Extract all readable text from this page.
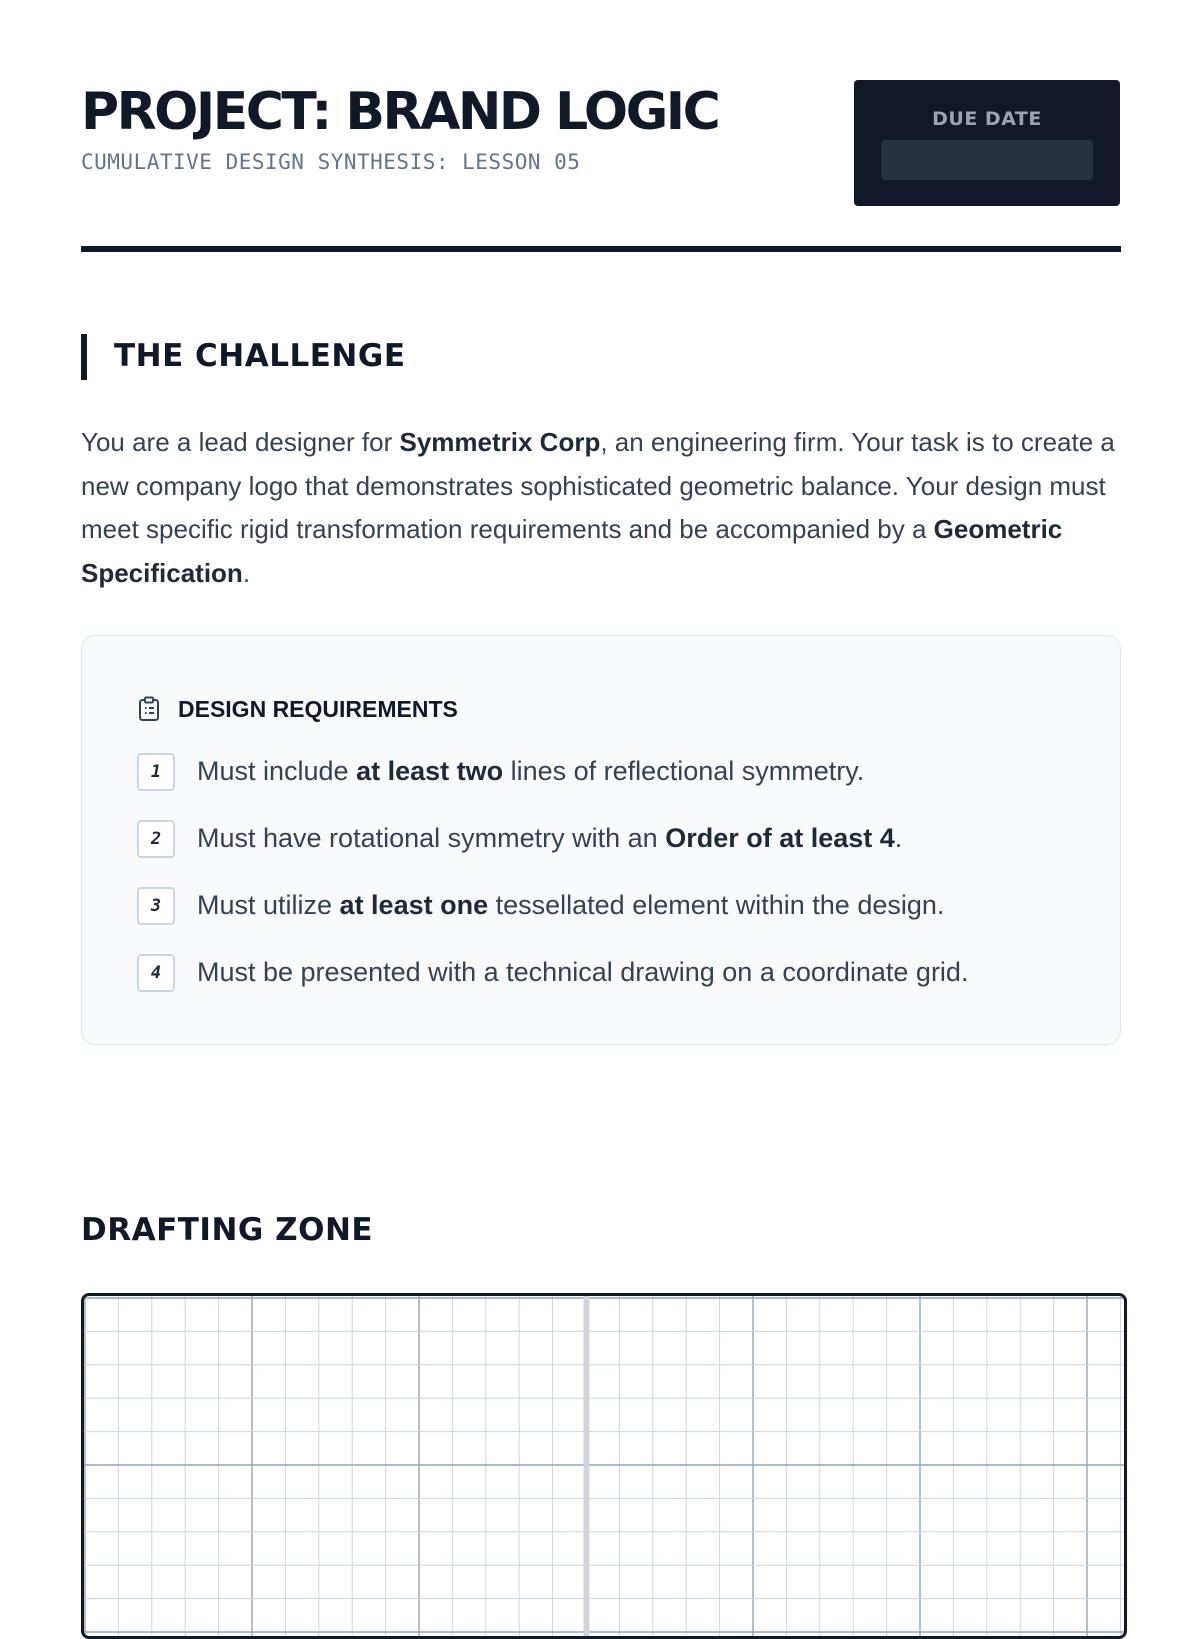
PROJECT: BRAND LOGIC
CUMULATIVE DESIGN SYNTHESIS: LESSON 05
DUE DATE
THE CHALLENGE

You are a lead designer for Symmetrix Corp, an engineering firm. Your task is to create a new company logo that demonstrates sophisticated geometric balance. Your design must meet specific rigid transformation requirements and be accompanied by a Geometric Specification.

DESIGN REQUIREMENTS
1	Must include at least two lines of reflectional symmetry.
2	Must have rotational symmetry with an Order of at least 4.
3	Must utilize at least one tessellated element within the design.
4	Must be presented with a technical drawing on a coordinate grid.
DRAFTING ZONE
